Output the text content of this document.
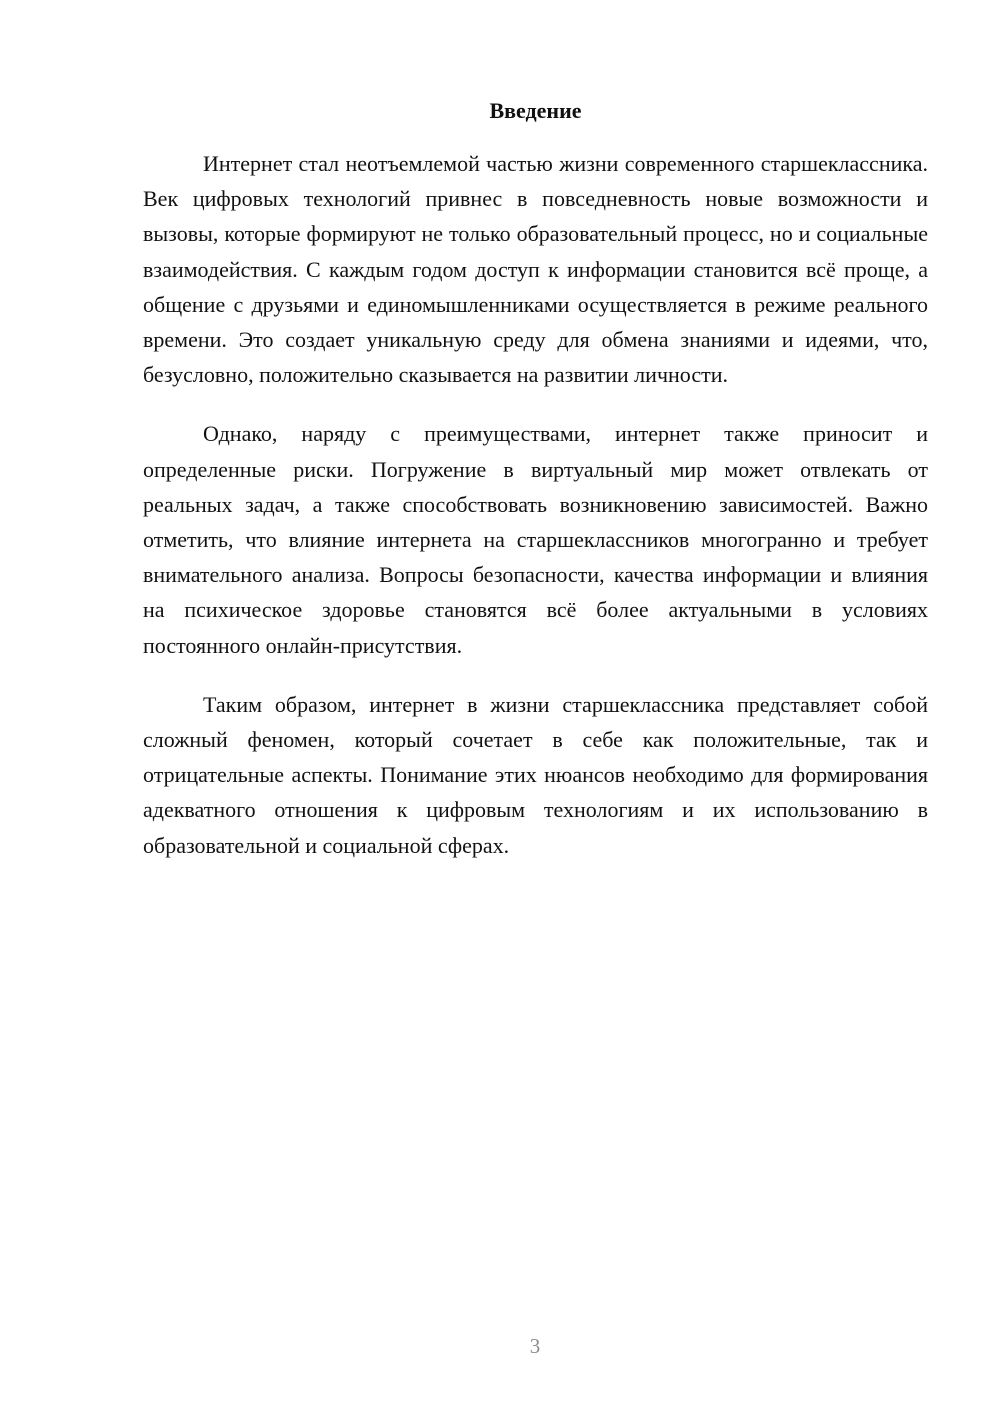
Введение

Интернет стал неотъемлемой частью жизни современного старшеклассника. Век цифровых технологий привнес в повседневность новые возможности и вызовы, которые формируют не только образовательный процесс, но и социальные взаимодействия. С каждым годом доступ к информации становится всё проще, а общение с друзьями и единомышленниками осуществляется в режиме реального времени. Это создает уникальную среду для обмена знаниями и идеями, что, безусловно, положительно сказывается на развитии личности.

Однако, наряду с преимуществами, интернет также приносит и определенные риски. Погружение в виртуальный мир может отвлекать от реальных задач, а также способствовать возникновению зависимостей. Важно отметить, что влияние интернета на старшеклассников многогранно и требует внимательного анализа. Вопросы безопасности, качества информации и влияния на психическое здоровье становятся всё более актуальными в условиях постоянного онлайн-присутствия.

Таким образом, интернет в жизни старшеклассника представляет собой сложный феномен, который сочетает в себе как положительные, так и отрицательные аспекты. Понимание этих нюансов необходимо для формирования адекватного отношения к цифровым технологиям и их использованию в образовательной и социальной сферах.

3
